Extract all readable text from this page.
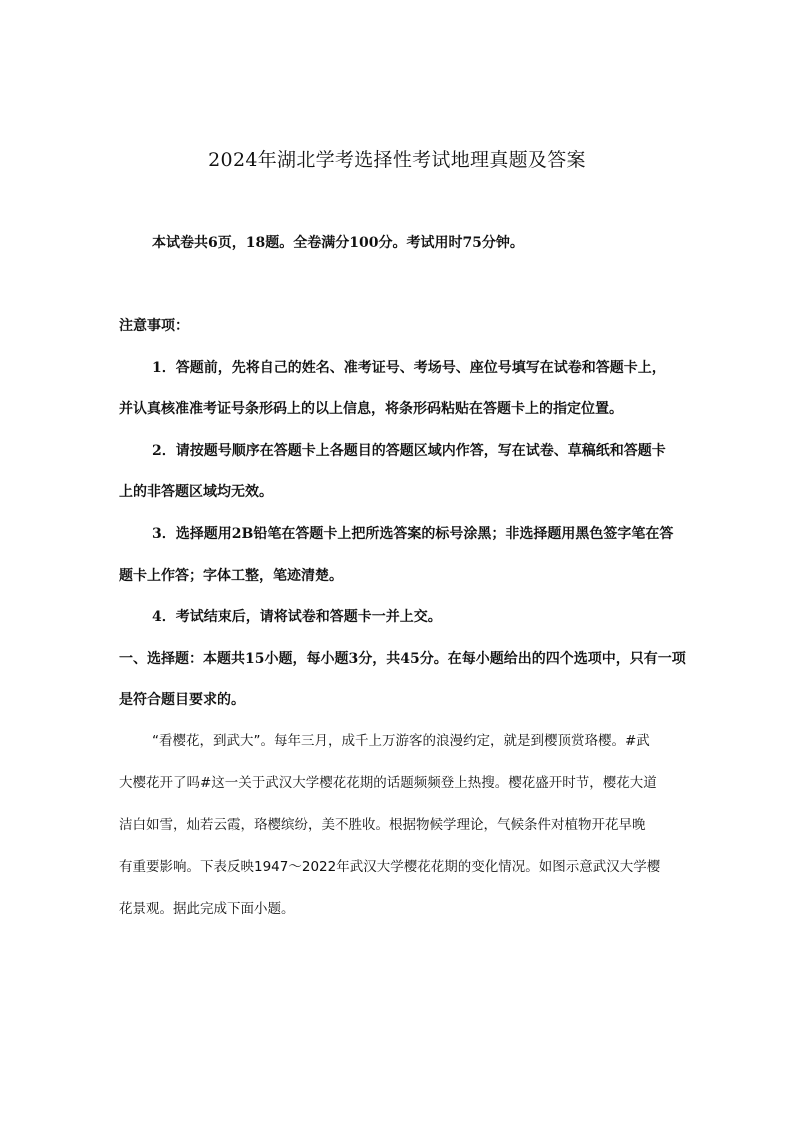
2024年湖北学考选择性考试地理真题及答案
本试卷共6页，18题。全卷满分100分。考试用时75分钟。
注意事项：
1．答题前，先将自己的姓名、准考证号、考场号、座位号填写在试卷和答题卡上，
并认真核准准考证号条形码上的以上信息，将条形码粘贴在答题卡上的指定位置。
2．请按题号顺序在答题卡上各题目的答题区域内作答，写在试卷、草稿纸和答题卡
上的非答题区域均无效。
3．选择题用2B铅笔在答题卡上把所选答案的标号涂黑；非选择题用黑色签字笔在答
题卡上作答；字体工整，笔迹清楚。
4．考试结束后，请将试卷和答题卡一并上交。
一、选择题：本题共15小题，每小题3分，共45分。在每小题给出的四个选项中，只有一项
是符合题目要求的。
“看樱花，到武大”。每年三月，成千上万游客的浪漫约定，就是到樱顶赏珞樱。#武
大樱花开了吗#这一关于武汉大学樱花花期的话题频频登上热搜。樱花盛开时节，樱花大道
洁白如雪，灿若云霞，珞樱缤纷，美不胜收。根据物候学理论，气候条件对植物开花早晚
有重要影响。下表反映1947～2022年武汉大学樱花花期的变化情况。如图示意武汉大学樱
花景观。据此完成下面小题。
